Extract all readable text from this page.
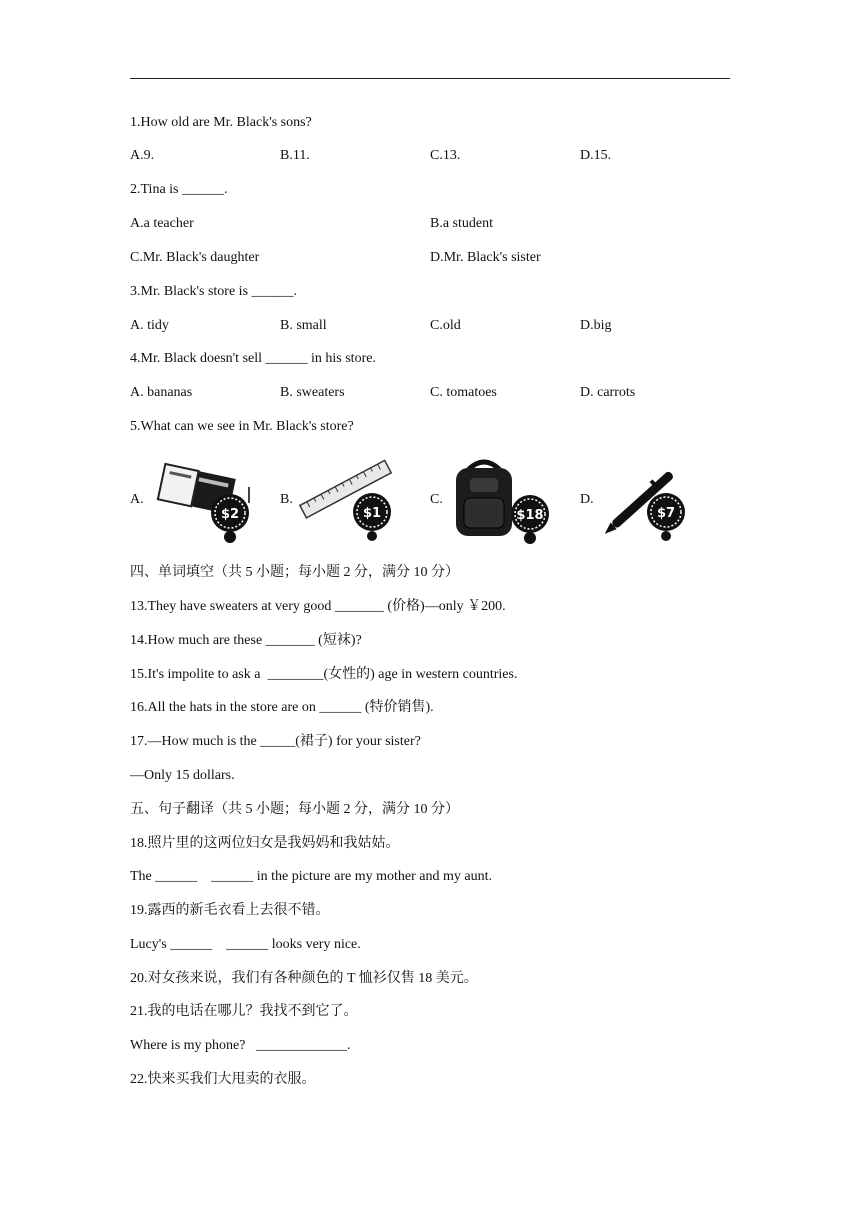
1.How old are Mr. Black's sons?
A.9.	B.11.	C.13.	D.15.
2.Tina is ______.
A.a teacher	B.a student
C.Mr. Black's daughter	D.Mr. Black's sister
3.Mr. Black's store is ______.
A. tidy	B. small	C.old	D.big
4.Mr. Black doesn't sell ______ in his store.
A. bananas	B. sweaters	C. tomatoes	D. carrots
5.What can we see in Mr. Black's store?
A.
$2
B.
$1
C.
$18
D.
$7
四、单词填空（共 5 小题；每小题 2 分，满分 10 分）
13.They have sweaters at very good _______ (价格)—only ￥200.
14.How much are these _______ (短袜)?
15.It's impolite to ask a  ________(女性的) age in western countries.
16.All the hats in the store are on ______ (特价销售).
17.—How much is the _____(裙子) for your sister?
—Only 15 dollars.
五、句子翻译（共 5 小题；每小题 2 分，满分 10 分）
18.照片里的这两位妇女是我妈妈和我姑姑。
The ______    ______ in the picture are my mother and my aunt.
19.露西的新毛衣看上去很不错。
Lucy's ______    ______ looks very nice.
20.对女孩来说，我们有各种颜色的 T 恤衫仅售 18 美元。
21.我的电话在哪儿？我找不到它了。
Where is my phone?   _____________.
22.快来买我们大甩卖的衣服。
